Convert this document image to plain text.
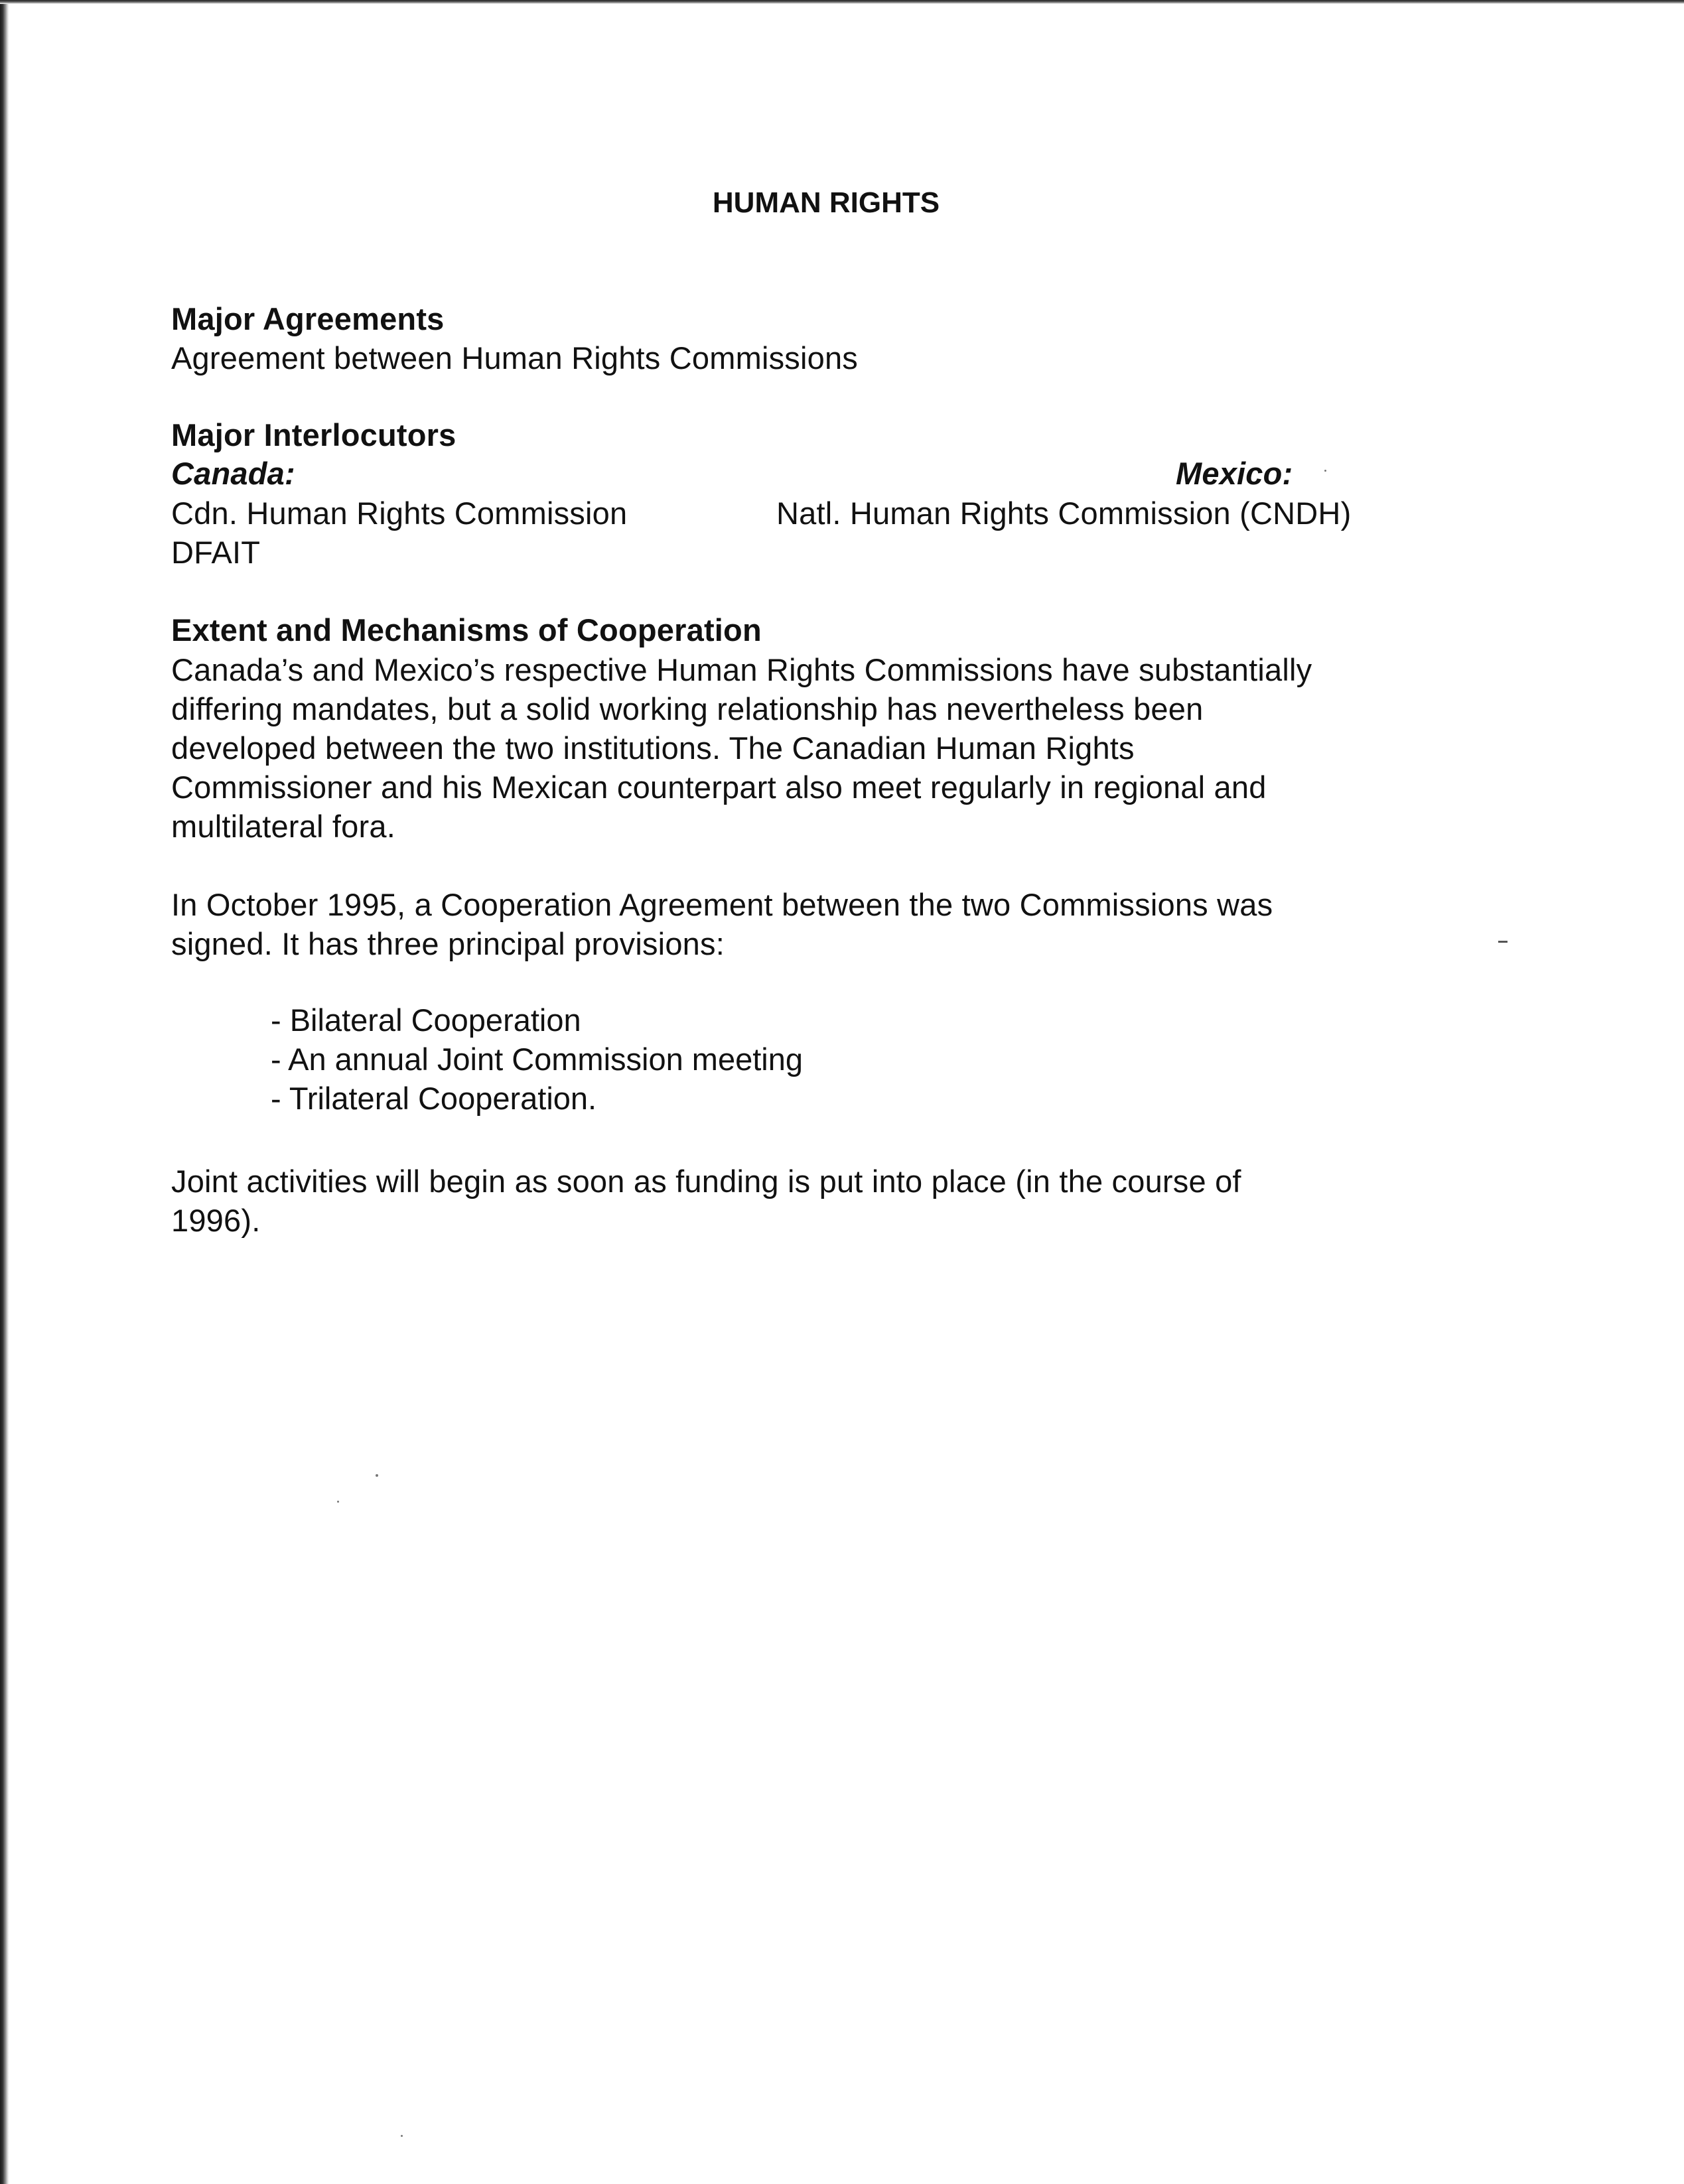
HUMAN RIGHTS
Major Agreements
Agreement between Human Rights Commissions
Major Interlocutors
Canada:	Mexico:
Cdn. Human Rights Commission	Natl. Human Rights Commission (CNDH)
DFAIT
Extent and Mechanisms of Cooperation
Canada’s and Mexico’s respective Human Rights Commissions have substantially
differing mandates, but a solid working relationship has nevertheless been
developed between the two institutions. The Canadian Human Rights
Commissioner and his Mexican counterpart also meet regularly in regional and
multilateral fora.
In October 1995, a Cooperation Agreement between the two Commissions was
signed. It has three principal provisions:
- Bilateral Cooperation
- An annual Joint Commission meeting
- Trilateral Cooperation.
Joint activities will begin as soon as funding is put into place (in the course of
1996).
